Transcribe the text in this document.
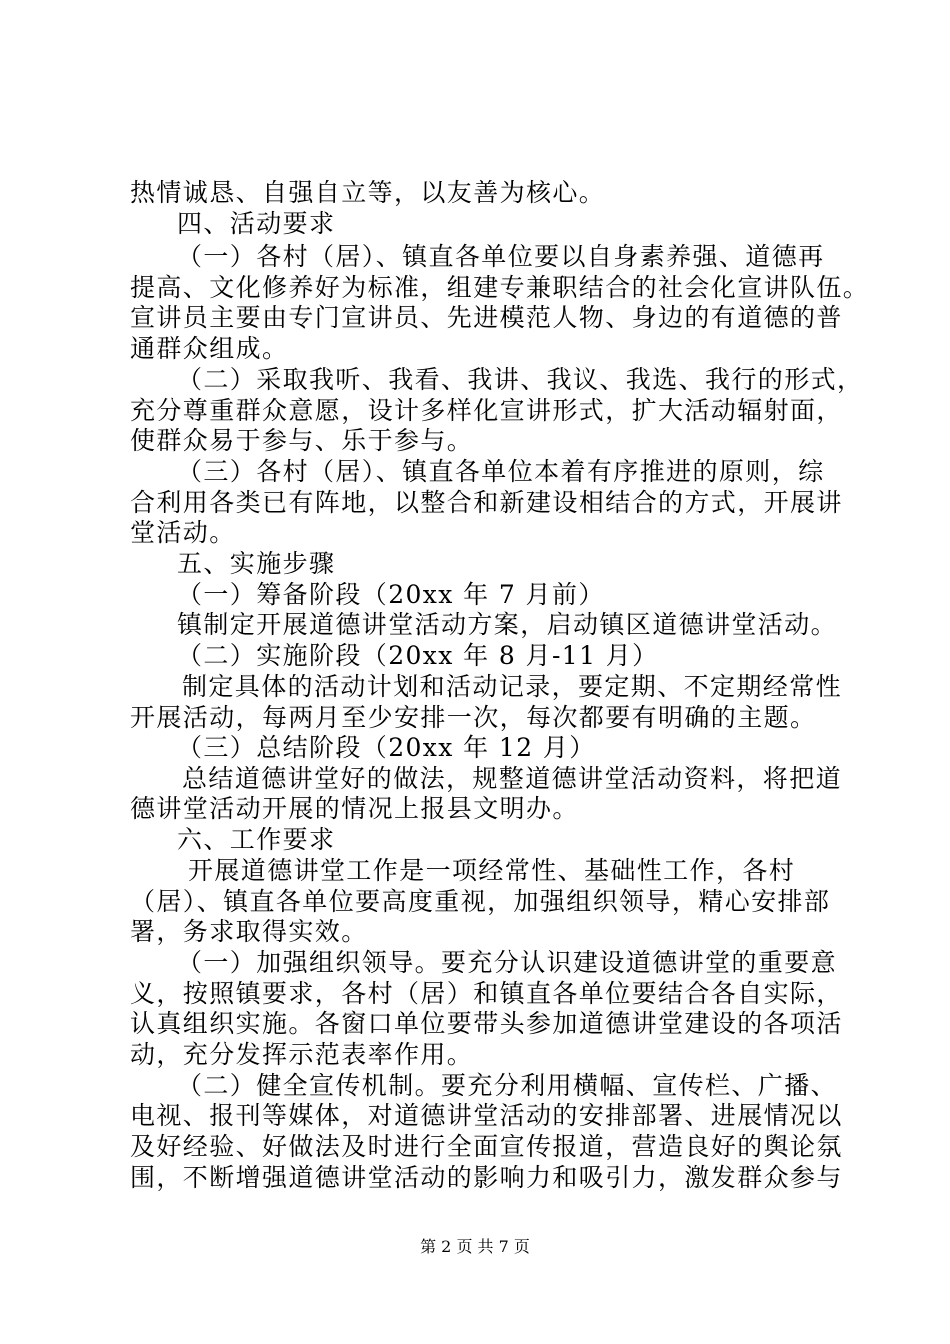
热情诚恳、自强自立等，以友善为核心。
四、活动要求
（一）各村（居）、镇直各单位要以自身素养强、道德再
提高、文化修养好为标准，组建专兼职结合的社会化宣讲队伍。
宣讲员主要由专门宣讲员、先进模范人物、身边的有道德的普
通群众组成。
（二）采取我听、我看、我讲、我议、我选、我行的形式，
充分尊重群众意愿，设计多样化宣讲形式，扩大活动辐射面，
使群众易于参与、乐于参与。
（三）各村（居）、镇直各单位本着有序推进的原则，综
合利用各类已有阵地，以整合和新建设相结合的方式，开展讲
堂活动。
五、实施步骤
（一）筹备阶段（20xx 年 7 月前）
镇制定开展道德讲堂活动方案，启动镇区道德讲堂活动。
（二）实施阶段（20xx 年 8 月-11 月）
制定具体的活动计划和活动记录，要定期、不定期经常性
开展活动，每两月至少安排一次，每次都要有明确的主题。
（三）总结阶段（20xx 年 12 月）
总结道德讲堂好的做法，规整道德讲堂活动资料，将把道
德讲堂活动开展的情况上报县文明办。
六、工作要求
开展道德讲堂工作是一项经常性、基础性工作，各村
（居）、镇直各单位要高度重视，加强组织领导，精心安排部
署，务求取得实效。
（一）加强组织领导。要充分认识建设道德讲堂的重要意
义，按照镇要求，各村（居）和镇直各单位要结合各自实际，
认真组织实施。各窗口单位要带头参加道德讲堂建设的各项活
动，充分发挥示范表率作用。
（二）健全宣传机制。要充分利用横幅、宣传栏、广播、
电视、报刊等媒体，对道德讲堂活动的安排部署、进展情况以
及好经验、好做法及时进行全面宣传报道，营造良好的舆论氛
围，不断增强道德讲堂活动的影响力和吸引力，激发群众参与
第 2 页 共 7 页
